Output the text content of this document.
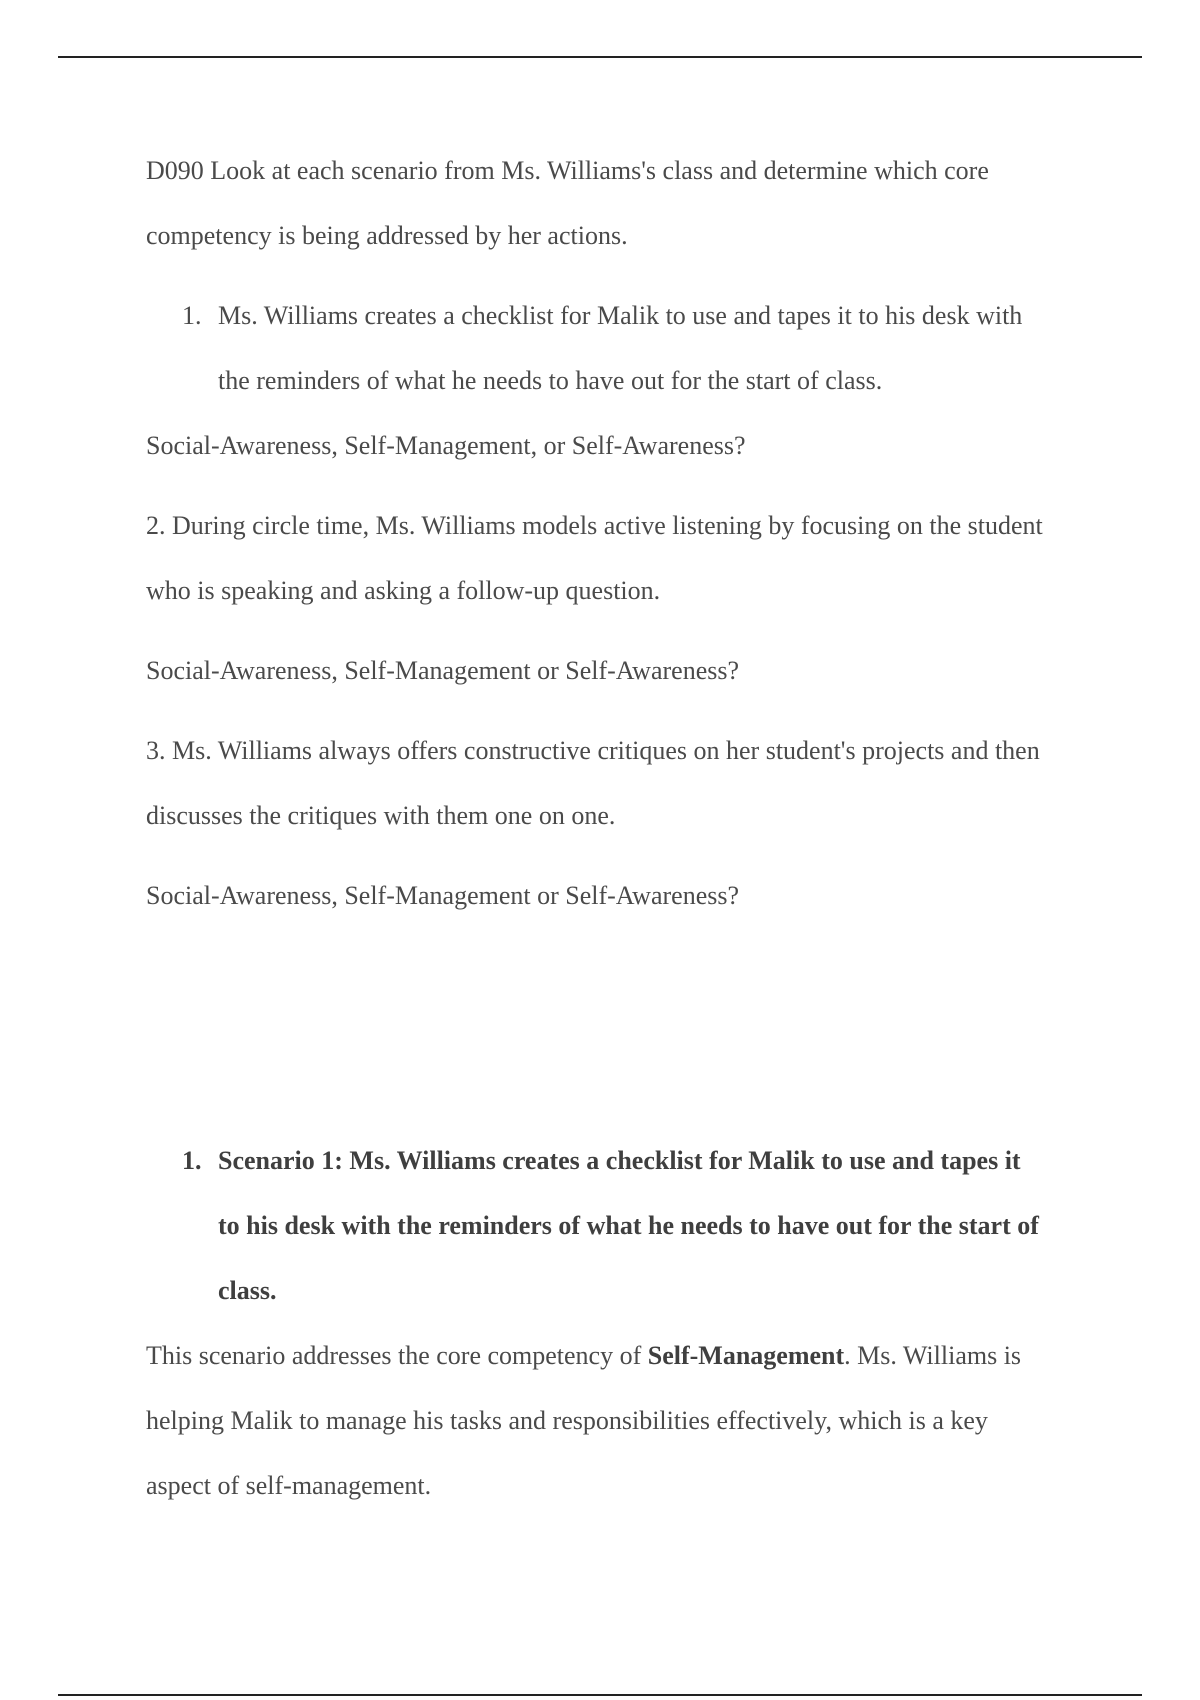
D090 Look at each scenario from Ms. Williams's class and determine which core competency is being addressed by her actions.

1. Ms. Williams creates a checklist for Malik to use and tapes it to his desk with the reminders of what he needs to have out for the start of class.

Social-Awareness, Self-Management, or Self-Awareness?

2. During circle time, Ms. Williams models active listening by focusing on the student who is speaking and asking a follow-up question.

Social-Awareness, Self-Management or Self-Awareness?

3. Ms. Williams always offers constructive critiques on her student's projects and then discusses the critiques with them one on one.

Social-Awareness, Self-Management or Self-Awareness?

1. Scenario 1: Ms. Williams creates a checklist for Malik to use and tapes it to his desk with the reminders of what he needs to have out for the start of class.

This scenario addresses the core competency of Self-Management. Ms. Williams is helping Malik to manage his tasks and responsibilities effectively, which is a key aspect of self-management.
